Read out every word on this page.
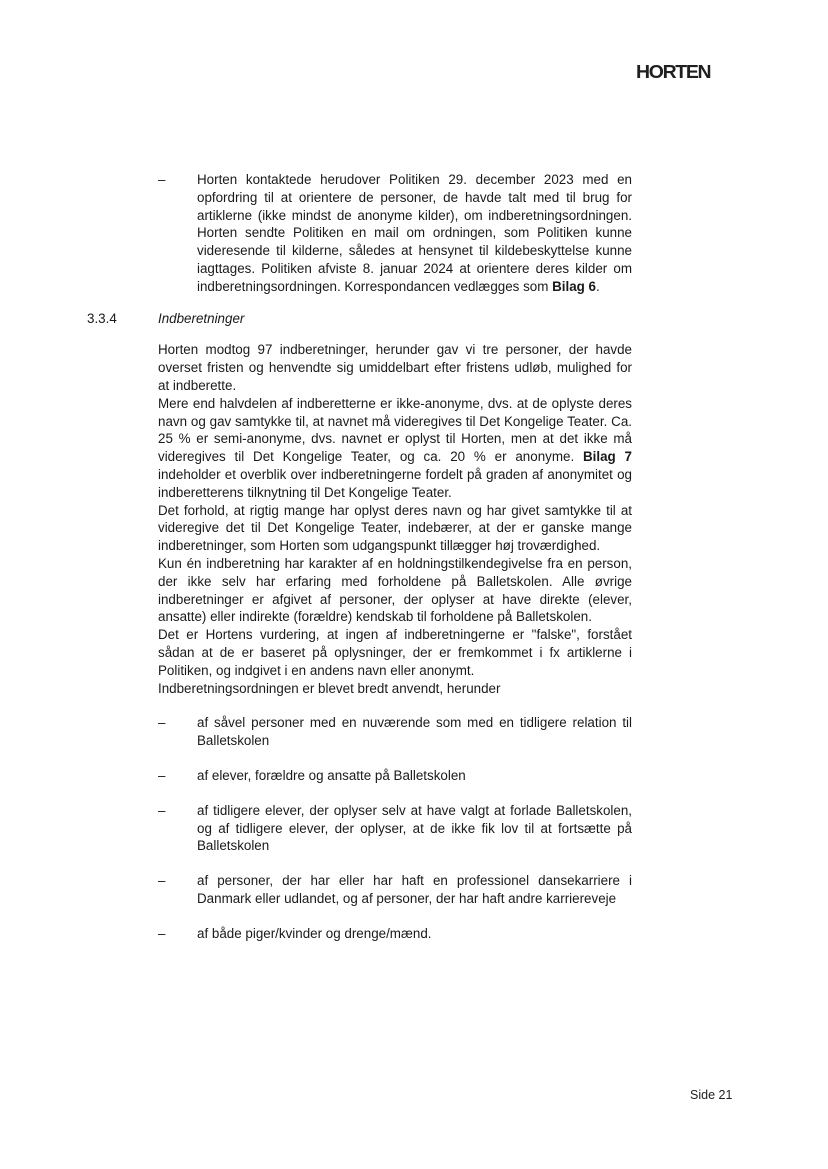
HORTEN
–	Horten kontaktede herudover Politiken 29. december 2023 med en opfordring til at orientere de personer, de havde talt med til brug for artiklerne (ikke mindst de anonyme kilder), om indberetningsordningen. Horten sendte Politiken en mail om ordningen, som Politiken kunne videresende til kilderne, således at hensynet til kildebeskyttelse kunne iagttages. Politiken afviste 8. januar 2024 at orientere deres kilder om indberetningsordningen. Korrespondancen vedlægges som Bilag 6.

3.3.4	Indberetninger

Horten modtog 97 indberetninger, herunder gav vi tre personer, der havde overset fristen og henvendte sig umiddelbart efter fristens udløb, mulighed for at indberette.

Mere end halvdelen af indberetterne er ikke-anonyme, dvs. at de oplyste deres navn og gav samtykke til, at navnet må videregives til Det Kongelige Teater. Ca. 25 % er semi-anonyme, dvs. navnet er oplyst til Horten, men at det ikke må videregives til Det Kongelige Teater, og ca. 20 % er anonyme. Bilag 7 indeholder et overblik over indberetningerne fordelt på graden af anonymitet og indberetterens tilknytning til Det Kongelige Teater.

Det forhold, at rigtig mange har oplyst deres navn og har givet samtykke til at videregive det til Det Kongelige Teater, indebærer, at der er ganske mange indberetninger, som Horten som udgangspunkt tillægger høj troværdighed.

Kun én indberetning har karakter af en holdningstilkendegivelse fra en person, der ikke selv har erfaring med forholdene på Balletskolen. Alle øvrige indberetninger er afgivet af personer, der oplyser at have direkte (elever, ansatte) eller indirekte (forældre) kendskab til forholdene på Balletskolen.

Det er Hortens vurdering, at ingen af indberetningerne er "falske", forstået sådan at de er baseret på oplysninger, der er fremkommet i fx artiklerne i Politiken, og indgivet i en andens navn eller anonymt.

Indberetningsordningen er blevet bredt anvendt, herunder

–	af såvel personer med en nuværende som med en tidligere relation til Balletskolen

–	af elever, forældre og ansatte på Balletskolen

–	af tidligere elever, der oplyser selv at have valgt at forlade Balletskolen, og af tidligere elever, der oplyser, at de ikke fik lov til at fortsætte på Balletskolen

–	af personer, der har eller har haft en professionel dansekarriere i Danmark eller udlandet, og af personer, der har haft andre karriereveje

–	af både piger/kvinder og drenge/mænd.

Side 21
